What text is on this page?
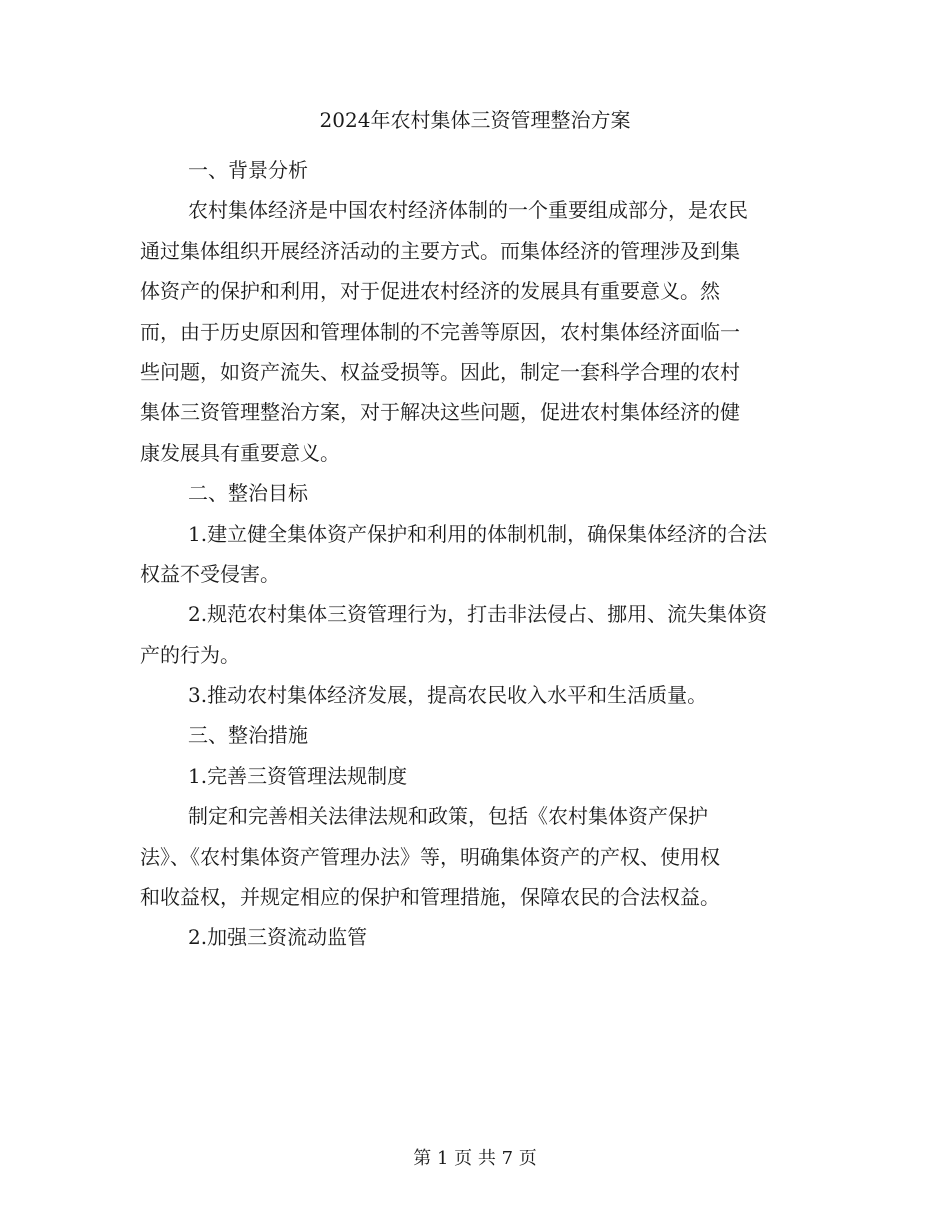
2024年农村集体三资管理整治方案

一、背景分析

农村集体经济是中国农村经济体制的一个重要组成部分，是农民

通过集体组织开展经济活动的主要方式。而集体经济的管理涉及到集

体资产的保护和利用，对于促进农村经济的发展具有重要意义。然

而，由于历史原因和管理体制的不完善等原因，农村集体经济面临一

些问题，如资产流失、权益受损等。因此，制定一套科学合理的农村

集体三资管理整治方案，对于解决这些问题，促进农村集体经济的健

康发展具有重要意义。

二、整治目标

1.建立健全集体资产保护和利用的体制机制，确保集体经济的合法

权益不受侵害。

2.规范农村集体三资管理行为，打击非法侵占、挪用、流失集体资

产的行为。

3.推动农村集体经济发展，提高农民收入水平和生活质量。

三、整治措施

1.完善三资管理法规制度

制定和完善相关法律法规和政策，包括《农村集体资产保护

法》、《农村集体资产管理办法》等，明确集体资产的产权、使用权

和收益权，并规定相应的保护和管理措施，保障农民的合法权益。

2.加强三资流动监管

第 1 页 共 7 页
